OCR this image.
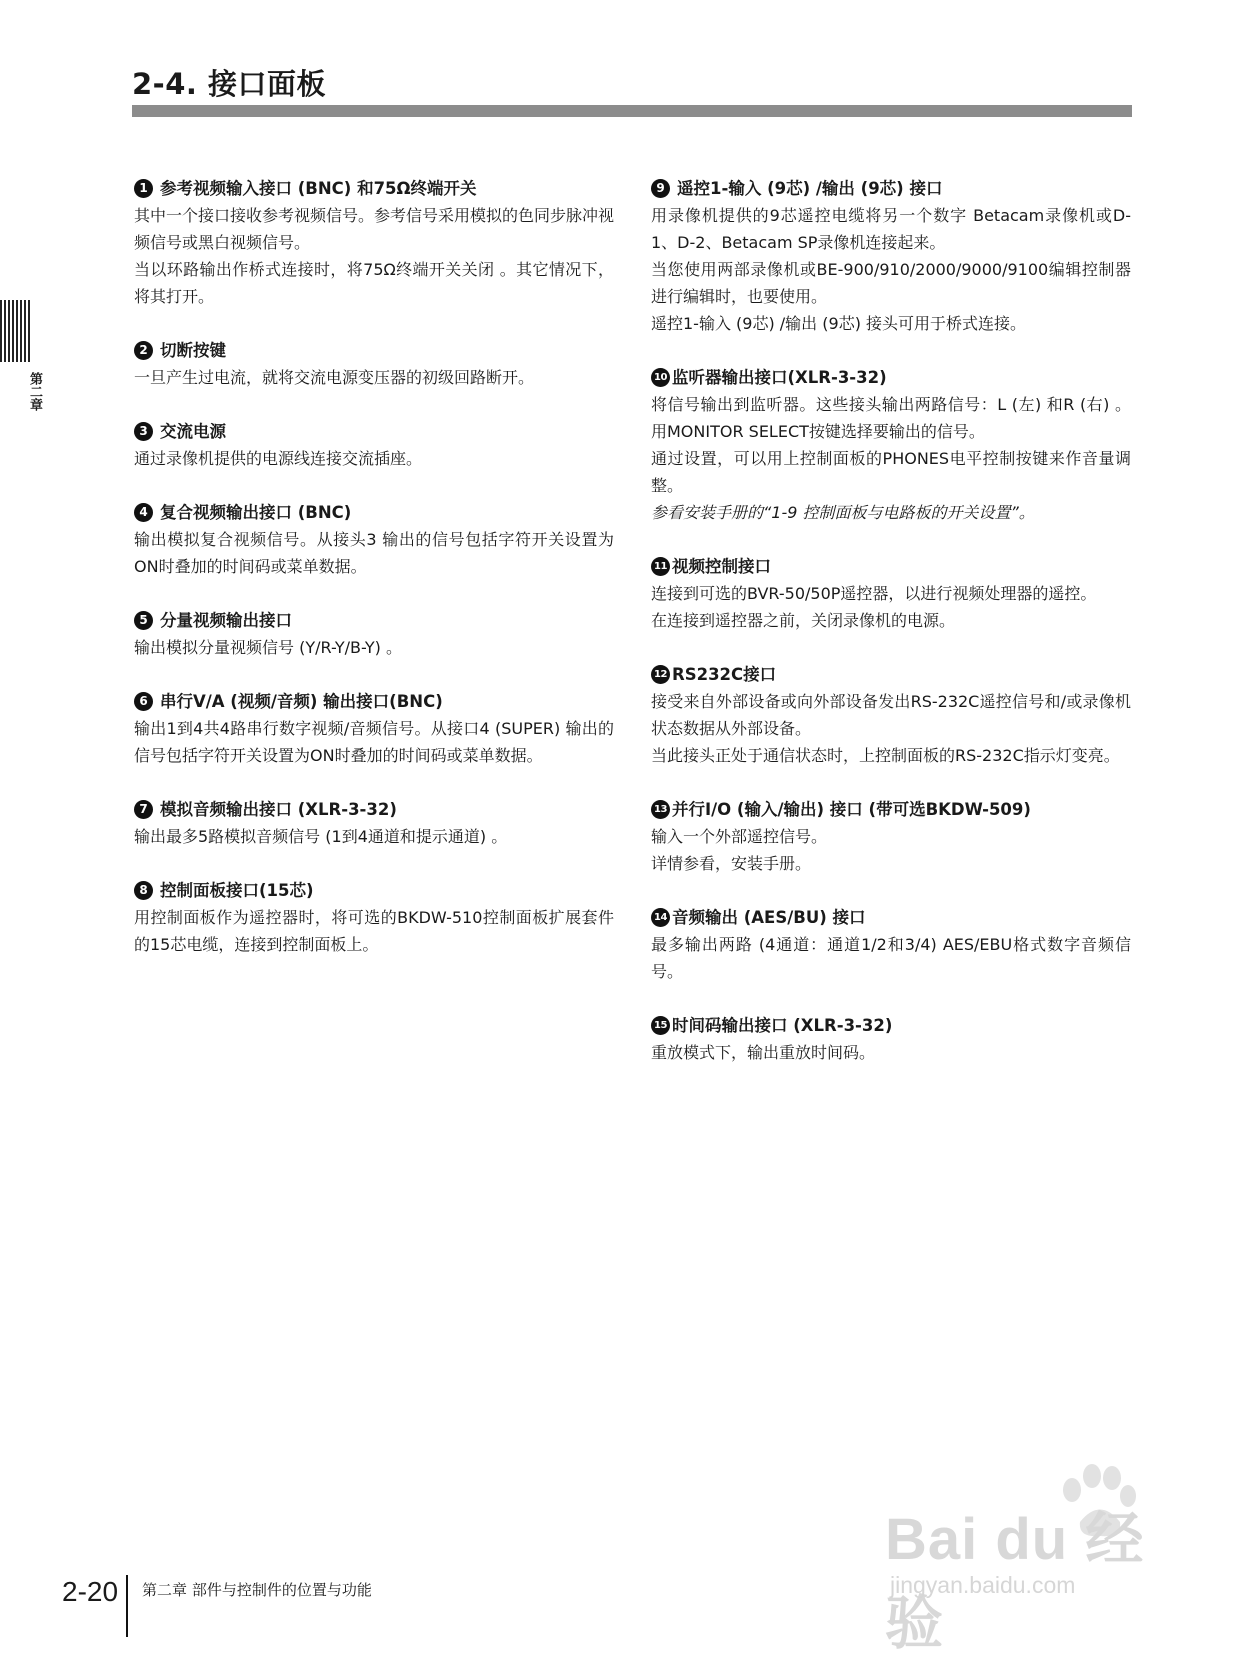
2-4. 接口面板
第二章
1 参考视频输入接口 (BNC) 和75Ω终端开关

其中一个接口接收参考视频信号。参考信号采用模拟的色同步脉冲视频信号或黑白视频信号。

当以环路输出作桥式连接时，将75Ω终端开关关闭 。其它情况下，将其打开。

2 切断按键

一旦产生过电流，就将交流电源变压器的初级回路断开。

3 交流电源

通过录像机提供的电源线连接交流插座。

4 复合视频输出接口 (BNC)

输出模拟复合视频信号。从接头3 输出的信号包括字符开关设置为ON时叠加的时间码或菜单数据。

5 分量视频输出接口

输出模拟分量视频信号 (Y/R-Y/B-Y) 。

6 串行V/A (视频/音频) 输出接口(BNC)

输出1到4共4路串行数字视频/音频信号。从接口4 (SUPER) 输出的信号包括字符开关设置为ON时叠加的时间码或菜单数据。

7 模拟音频输出接口 (XLR-3-32)

输出最多5路模拟音频信号 (1到4通道和提示通道) 。

8 控制面板接口(15芯)

用控制面板作为遥控器时，将可选的BKDW-510控制面板扩展套件的15芯电缆，连接到控制面板上。

9 遥控1-输入 (9芯) /输出 (9芯) 接口

用录像机提供的9芯遥控电缆将另一个数字 Betacam录像机或D-1、D-2、Betacam SP录像机连接起来。

当您使用两部录像机或BE-900/910/2000/9000/9100编辑控制器进行编辑时，也要使用。

遥控1-输入 (9芯) /输出 (9芯) 接头可用于桥式连接。

10 监听器输出接口(XLR-3-32)

将信号输出到监听器。这些接头输出两路信号：L (左) 和R (右) 。用MONITOR SELECT按键选择要输出的信号。

通过设置，可以用上控制面板的PHONES电平控制按键来作音量调整。

参看安装手册的“1-9 控制面板与电路板的开关设置”。

11 视频控制接口

连接到可选的BVR-50/50P遥控器，以进行视频处理器的遥控。

在连接到遥控器之前，关闭录像机的电源。

12 RS232C接口

接受来自外部设备或向外部设备发出RS-232C遥控信号和/或录像机状态数据从外部设备。

当此接头正处于通信状态时，上控制面板的RS-232C指示灯变亮。

13 并行I/O (输入/输出) 接口 (带可选BKDW-509)

输入一个外部遥控信号。

详情参看，安装手册。

14 音频输出 (AES/BU) 接口

最多输出两路 (4通道：通道1/2和3/4) AES/EBU格式数字音频信号。

15 时间码输出接口 (XLR-3-32)

重放模式下，输出重放时间码。

Bai du 经验
jingyan.baidu.com
2-20 第二章 部件与控制件的位置与功能
